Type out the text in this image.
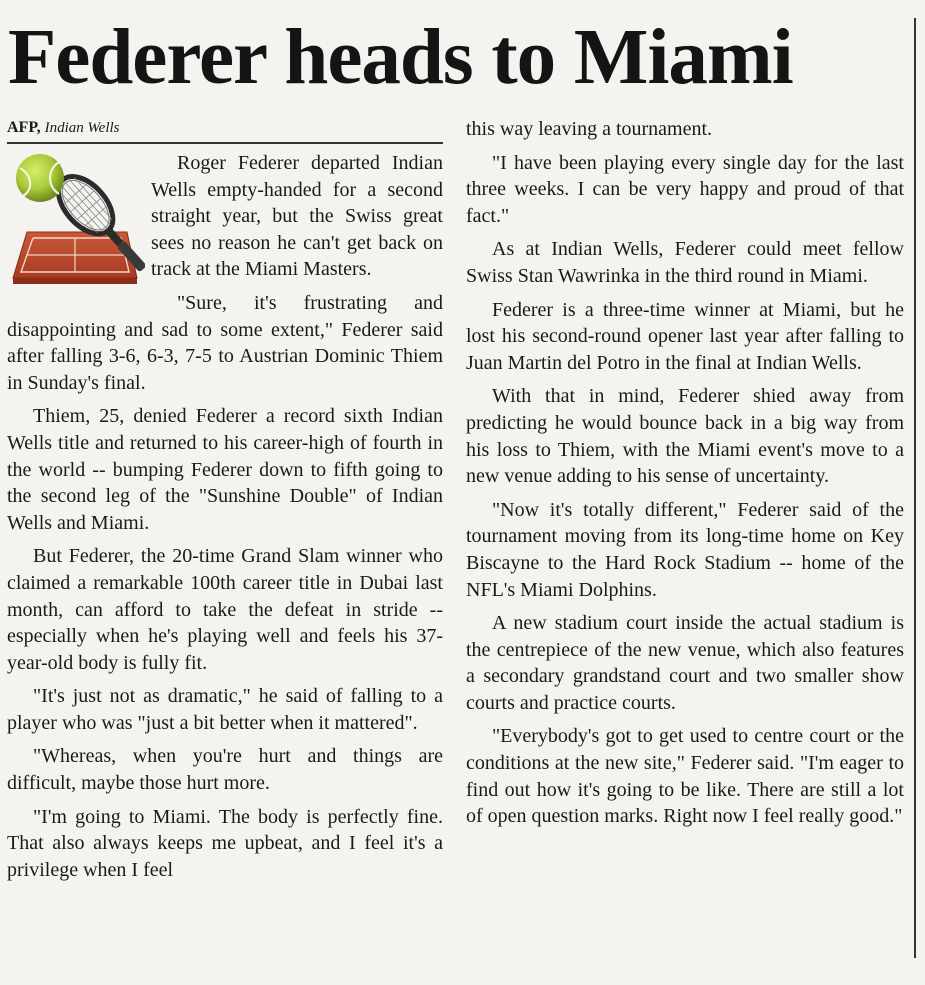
Federer heads to Miami
AFP, Indian Wells

Roger Federer departed Indian Wells empty-handed for a second straight year, but the Swiss great sees no reason he can't get back on track at the Miami Masters.

"Sure, it's frustrating and disappointing and sad to some extent," Federer said after falling 3-6, 6-3, 7-5 to Austrian Dominic Thiem in Sunday's final.

Thiem, 25, denied Federer a record sixth Indian Wells title and returned to his career-high of fourth in the world -- bumping Federer down to fifth going to the second leg of the "Sunshine Double" of Indian Wells and Miami.

But Federer, the 20-time Grand Slam winner who claimed a remarkable 100th career title in Dubai last month, can afford to take the defeat in stride -- especially when he's playing well and feels his 37-year-old body is fully fit.

"It's just not as dramatic," he said of falling to a player who was "just a bit better when it mattered".

"Whereas, when you're hurt and things are difficult, maybe those hurt more.

"I'm going to Miami. The body is perfectly fine. That also always keeps me upbeat, and I feel it's a privilege when I feel

this way leaving a tournament.

"I have been playing every single day for the last three weeks. I can be very happy and proud of that fact."

As at Indian Wells, Federer could meet fellow Swiss Stan Wawrinka in the third round in Miami.

Federer is a three-time winner at Miami, but he lost his second-round opener last year after falling to Juan Martin del Potro in the final at Indian Wells.

With that in mind, Federer shied away from predicting he would bounce back in a big way from his loss to Thiem, with the Miami event's move to a new venue adding to his sense of uncertainty.

"Now it's totally different," Federer said of the tournament moving from its long-time home on Key Biscayne to the Hard Rock Stadium -- home of the NFL's Miami Dolphins.

A new stadium court inside the actual stadium is the centrepiece of the new venue, which also features a secondary grandstand court and two smaller show courts and practice courts.

"Everybody's got to get used to centre court or the conditions at the new site," Federer said. "I'm eager to find out how it's going to be like. There are still a lot of open question marks. Right now I feel really good."
